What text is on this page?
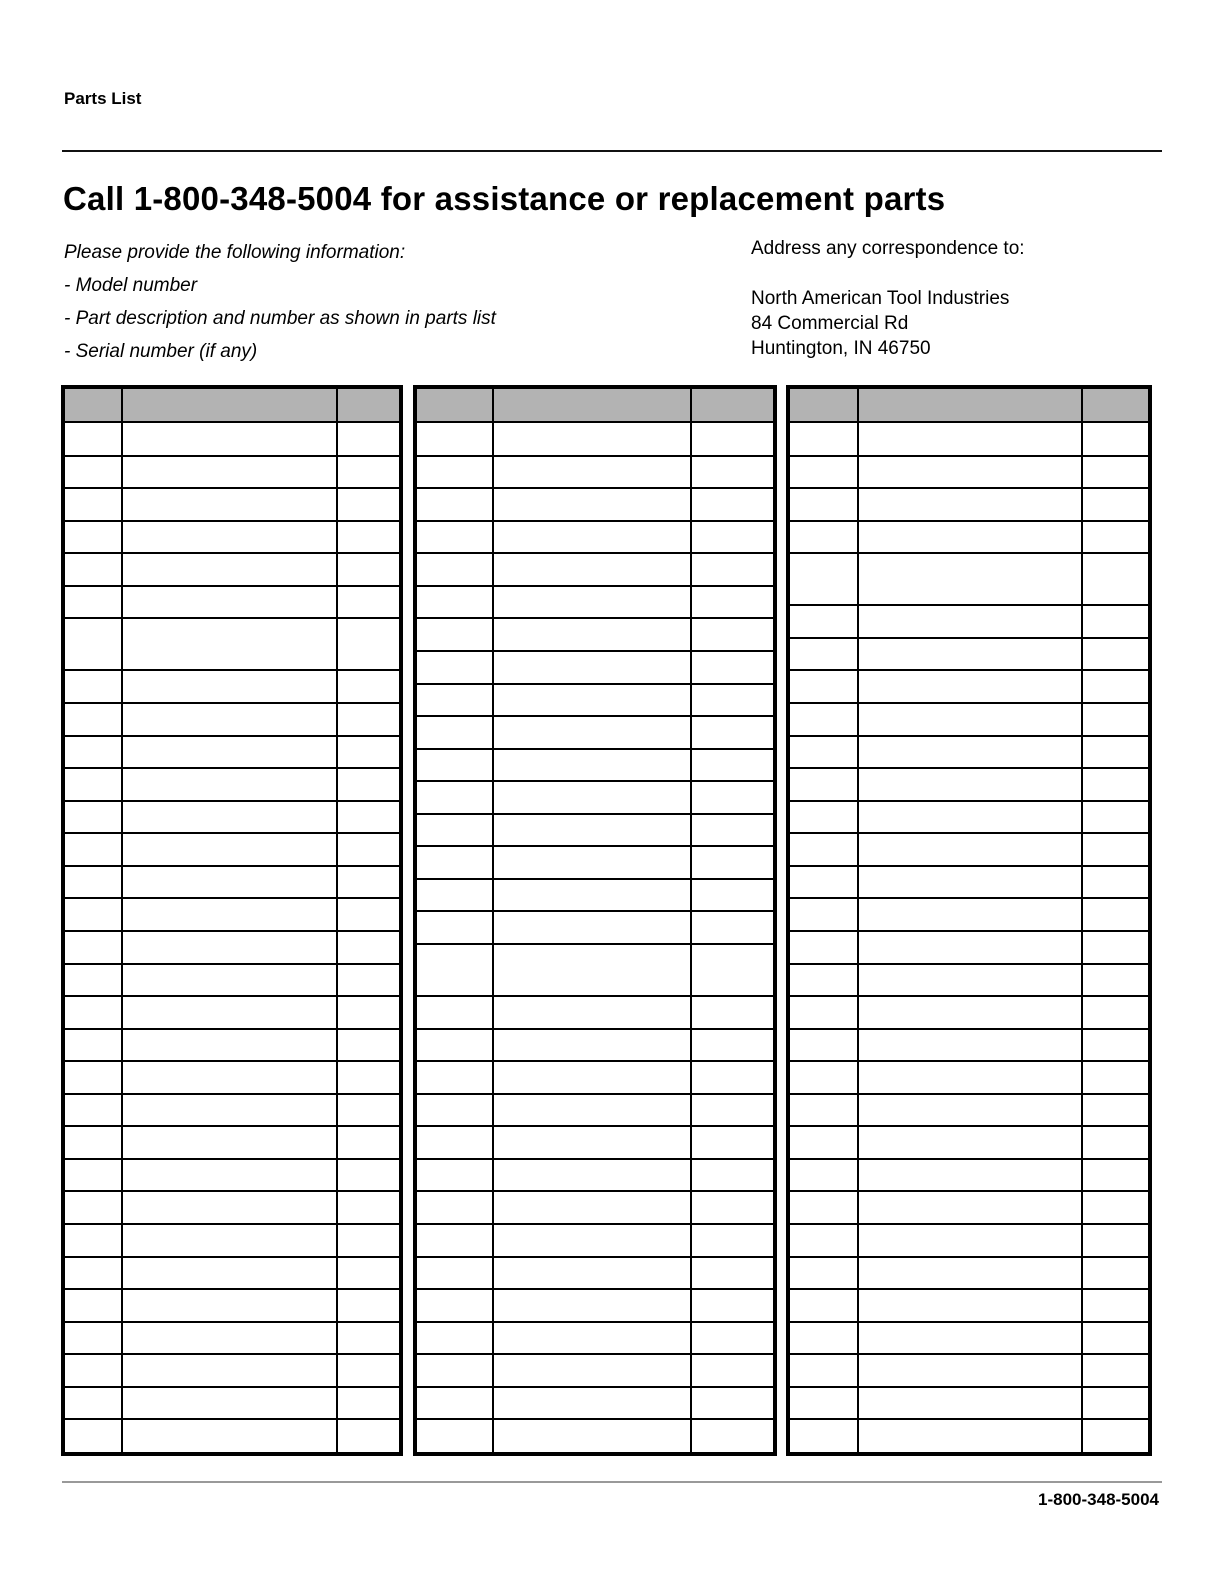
Parts List
Call 1-800-348-5004 for assistance or replacement parts
Please provide the following information:
- Model number
- Part description and number as shown in parts list
- Serial number (if any)
Address any correspondence to:
North American Tool Industries
84 Commercial Rd
Huntington, IN 46750
1-800-348-5004
